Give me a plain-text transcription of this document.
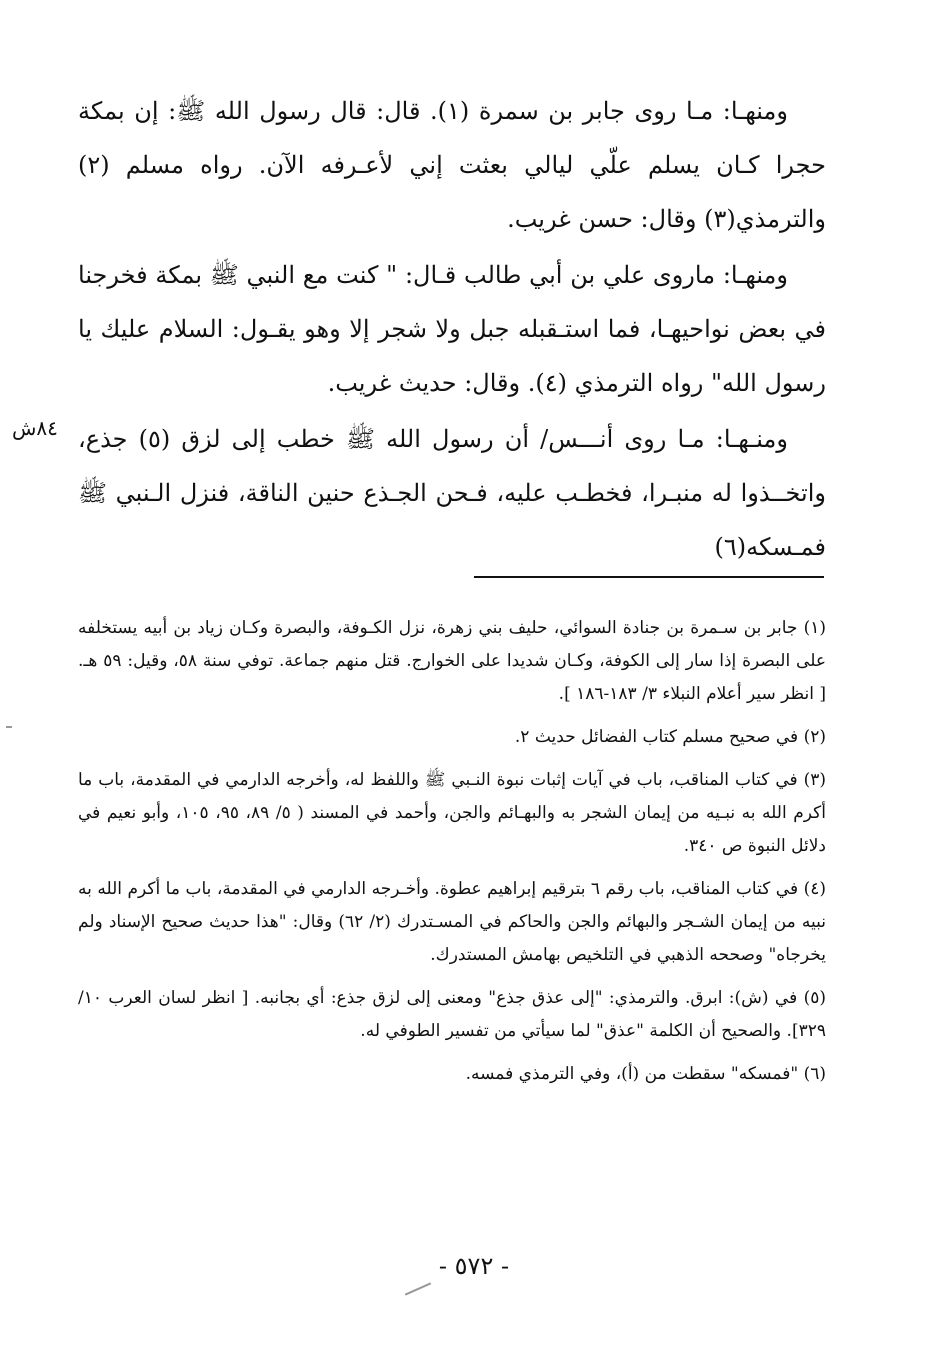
٨٤ش

ومنهـا: مـا روى جابر بن سمرة (١). قال: قال رسول الله ﷺ: إن بمكة حجرا كـان يسلم علّي ليالي بعثت إني لأعـرفه الآن. رواه مسلم (٢) والترمذي(٣) وقال: حسن غريب.

ومنهـا: ماروى علي بن أبي طالب قـال: " كنت مع النبي ﷺ بمكة فخرجنا في بعض نواحيهـا، فما استـقبله جبل ولا شجر إلا وهو يقـول: السلام عليك يا رسول الله" رواه الترمذي (٤). وقال: حديث غريب.

ومنـهـا: مـا روى أنـــس/ أن رسول الله ﷺ خطب إلى لزق (٥) جذع، واتخــذوا له منبـرا، فخطـب عليه، فـحن الجـذع حنين الناقة، فنزل الـنبي ﷺ فمـسكه(٦)

(١) جابر بن سـمرة بن جنادة السوائي، حليف بني زهرة، نزل الكـوفة، والبصرة وكـان زياد بن أبيه يستخلفه على البصرة إذا سار إلى الكوفة، وكـان شديدا على الخوارج. قتل منهم جماعة. توفي سنة ٥٨، وقيل: ٥٩ هـ. [ انظر سير أعلام النبلاء ٣/ ١٨٣-١٨٦ ].
(٢) في صحيح مسلم كتاب الفضائل حديث ٢.
(٣) في كتاب المناقب، باب في آيات إثبات نبوة النـبي ﷺ واللفظ له، وأخرجه الدارمي في المقدمة، باب ما أكرم الله به نبـيه من إيمان الشجر به والبهـائم والجن، وأحمد في المسند ( ٥/ ٨٩، ٩٥، ١٠٥، وأبو نعيم في دلائل النبوة ص ٣٤٠.
(٤) في كتاب المناقب، باب رقم ٦ بترقيم إبراهيم عطوة. وأخـرجه الدارمي في المقدمة، باب ما أكرم الله به نبيه من إيمان الشـجر والبهائم والجن والحاكم في المسـتدرك (٢/ ٦٢) وقال: "هذا حديث صحيح الإسناد ولم يخرجاه" وصححه الذهبي في التلخيص بهامش المستدرك.
(٥) في (ش): ابرق. والترمذي: "إلى عذق جذع" ومعنى إلى لزق جذع: أي بجانبه. [ انظر لسان العرب ١٠/ ٣٢٩]. والصحيح أن الكلمة "عذق" لما سيأتي من تفسير الطوفي له.
(٦) "فمسكه" سقطت من (أ)، وفي الترمذي فمسه.
- ٥٧٢ -
